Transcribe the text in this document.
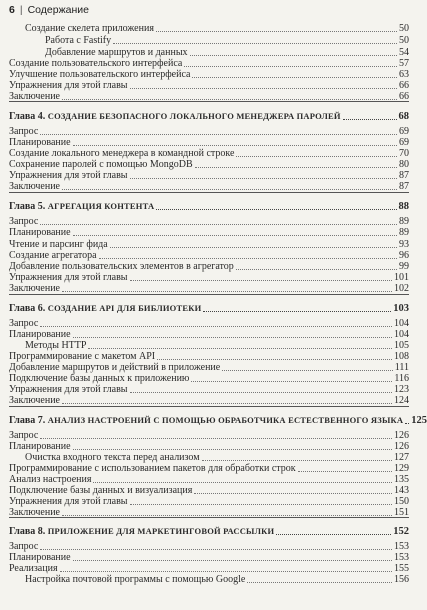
6 | Содержание
Создание скелета приложения	50
Работа с Fastify	50
Добавление маршрутов и данных	54
Создание пользовательского интерфейса	57
Улучшение пользовательского интерфейса	63
Упражнения для этой главы	66
Заключение	66
Глава 4. СОЗДАНИЕ БЕЗОПАСНОГО ЛОКАЛЬНОГО МЕНЕДЖЕРА ПАРОЛЕЙ	68
Запрос	69
Планирование	69
Создание локального менеджера в командной строке	70
Сохранение паролей с помощью MongoDB	80
Упражнения для этой главы	87
Заключение	87
Глава 5. АГРЕГАЦИЯ КОНТЕНТА	88
Запрос	89
Планирование	89
Чтение и парсинг фида	93
Создание агрегатора	96
Добавление пользовательских элементов в агрегатор	99
Упражнения для этой главы	101
Заключение	102
Глава 6. СОЗДАНИЕ API ДЛЯ БИБЛИОТЕКИ	103
Запрос	104
Планирование	104
Методы HTTP	105
Программирование с макетом API	108
Добавление маршрутов и действий в приложение	111
Подключение базы данных к приложению	116
Упражнения для этой главы	123
Заключение	124
Глава 7. АНАЛИЗ НАСТРОЕНИЙ С ПОМОЩЬЮ ОБРАБОТЧИКА ЕСТЕСТВЕННОГО ЯЗЫКА 125
Запрос	126
Планирование	126
Очистка входного текста перед анализом	127
Программирование с использованием пакетов для обработки строк	129
Анализ настроения	135
Подключение базы данных и визуализация	143
Упражнения для этой главы	150
Заключение	151
Глава 8. ПРИЛОЖЕНИЕ ДЛЯ МАРКЕТИНГОВОЙ РАССЫЛКИ	152
Запрос	153
Планирование	153
Реализация	155
Настройка почтовой программы с помощью Google	156
